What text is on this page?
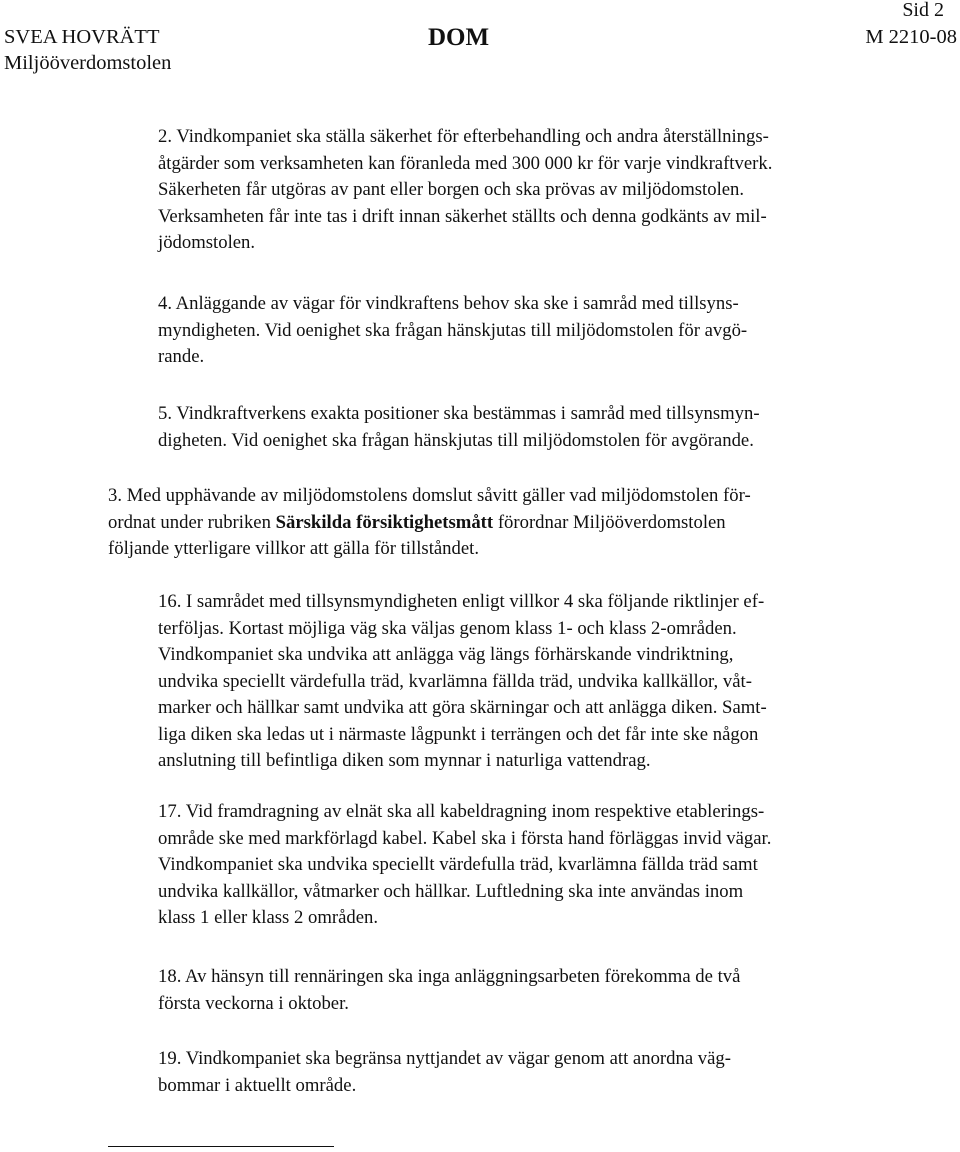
Sid 2
SVEA HOVRÄTT
Miljööverdomstolen
DOM	M 2210-08
2. Vindkompaniet ska ställa säkerhet för efterbehandling och andra återställnings-
åtgärder som verksamheten kan föranleda med 300 000 kr för varje vindkraftverk.
Säkerheten får utgöras av pant eller borgen och ska prövas av miljödomstolen.
Verksamheten får inte tas i drift innan säkerhet ställts och denna godkänts av mil-
jödomstolen.
4. Anläggande av vägar för vindkraftens behov ska ske i samråd med tillsyns-
myndigheten. Vid oenighet ska frågan hänskjutas till miljödomstolen för avgö-
rande.
5. Vindkraftverkens exakta positioner ska bestämmas i samråd med tillsynsmyn-
digheten. Vid oenighet ska frågan hänskjutas till miljödomstolen för avgörande.
3. Med upphävande av miljödomstolens domslut såvitt gäller vad miljödomstolen för-
ordnat under rubriken Särskilda försiktighetsmått förordnar Miljööverdomstolen
följande ytterligare villkor att gälla för tillståndet.
16. I samrådet med tillsynsmyndigheten enligt villkor 4 ska följande riktlinjer ef-
terföljas. Kortast möjliga väg ska väljas genom klass 1- och klass 2-områden.
Vindkompaniet ska undvika att anlägga väg längs förhärskande vindriktning,
undvika speciellt värdefulla träd, kvarlämna fällda träd, undvika kallkällor, våt-
marker och hällkar samt undvika att göra skärningar och att anlägga diken. Samt-
liga diken ska ledas ut i närmaste lågpunkt i terrängen och det får inte ske någon
anslutning till befintliga diken som mynnar i naturliga vattendrag.
17. Vid framdragning av elnät ska all kabeldragning inom respektive etablerings-
område ske med markförlagd kabel. Kabel ska i första hand förläggas invid vägar.
Vindkompaniet ska undvika speciellt värdefulla träd, kvarlämna fällda träd samt
undvika kallkällor, våtmarker och hällkar. Luftledning ska inte användas inom
klass 1 eller klass 2 områden.
18. Av hänsyn till rennäringen ska inga anläggningsarbeten förekomma de två
första veckorna i oktober.
19. Vindkompaniet ska begränsa nyttjandet av vägar genom att anordna väg-
bommar i aktuellt område.
